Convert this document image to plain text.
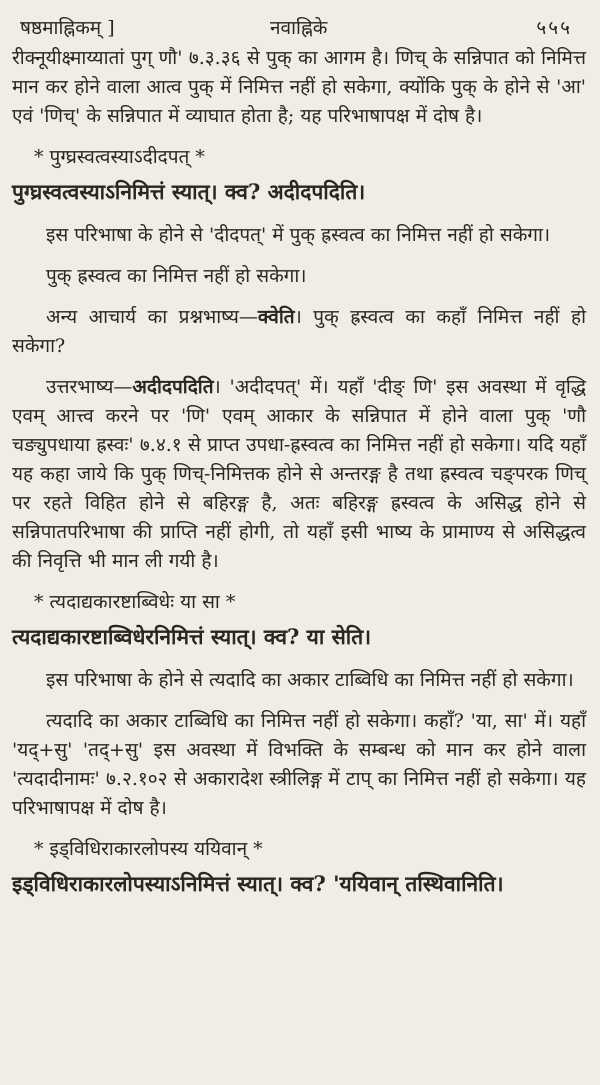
षष्ठमाह्निकम् ]	नवाह्निके	५५५

रीक्नूयीक्ष्माय्यातां पुग् णौ' ७.३.३६ से पुक् का आगम है। णिच् के सन्निपात को निमित्त मान कर होने वाला आत्व पुक् में निमित्त नहीं हो सकेगा, क्योंकि पुक् के होने से 'आ' एवं 'णिच्' के सन्निपात में व्याघात होता है; यह परिभाषापक्ष में दोष है।

* पुग्घ्रस्वत्वस्याऽदीदपत् *
पुग्घ्रस्वत्वस्याऽनिमित्तं स्यात्। क्व? अदीदपदिति।

इस परिभाषा के होने से 'दीदपत्' में पुक् ह्रस्वत्व का निमित्त नहीं हो सकेगा।

पुक् ह्रस्वत्व का निमित्त नहीं हो सकेगा।

अन्य आचार्य का प्रश्नभाष्य—क्वेति। पुक् ह्रस्वत्व का कहाँ निमित्त नहीं हो सकेगा?

उत्तरभाष्य—अदीदपदिति। 'अदीदपत्' में। यहाँ 'दीङ् णि' इस अवस्था में वृद्धि एवम् आत्त्व करने पर 'णि' एवम् आकार के सन्निपात में होने वाला पुक् 'णौ चङ्युपधाया ह्रस्वः' ७.४.१ से प्राप्त उपधा-ह्रस्वत्व का निमित्त नहीं हो सकेगा। यदि यहाँ यह कहा जाये कि पुक् णिच्-निमित्तक होने से अन्तरङ्ग है तथा ह्रस्वत्व चङ्परक णिच् पर रहते विहित होने से बहिरङ्ग है, अतः बहिरङ्ग ह्रस्वत्व के असिद्ध होने से सन्निपातपरिभाषा की प्राप्ति नहीं होगी, तो यहाँ इसी भाष्य के प्रामाण्य से असिद्धत्व की निवृत्ति भी मान ली गयी है।

* त्यदाद्यकारष्टाब्विधेः या सा *
त्यदाद्यकारष्टाब्विधेरनिमित्तं स्यात्। क्व? या सेति।

इस परिभाषा के होने से त्यदादि का अकार टाब्विधि का निमित्त नहीं हो सकेगा।

त्यदादि का अकार टाब्विधि का निमित्त नहीं हो सकेगा। कहाँ? 'या, सा' में। यहाँ 'यद्+सु' 'तद्+सु' इस अवस्था में विभक्ति के सम्बन्ध को मान कर होने वाला 'त्यदादीनामः' ७.२.१०२ से अकारादेश स्त्रीलिङ्ग में टाप् का निमित्त नहीं हो सकेगा। यह परिभाषापक्ष में दोष है।

* इड्विधिराकारलोपस्य ययिवान् *
इड्विधिराकारलोपस्याऽनिमित्तं स्यात्। क्व? 'ययिवान् तस्थिवानिति।
